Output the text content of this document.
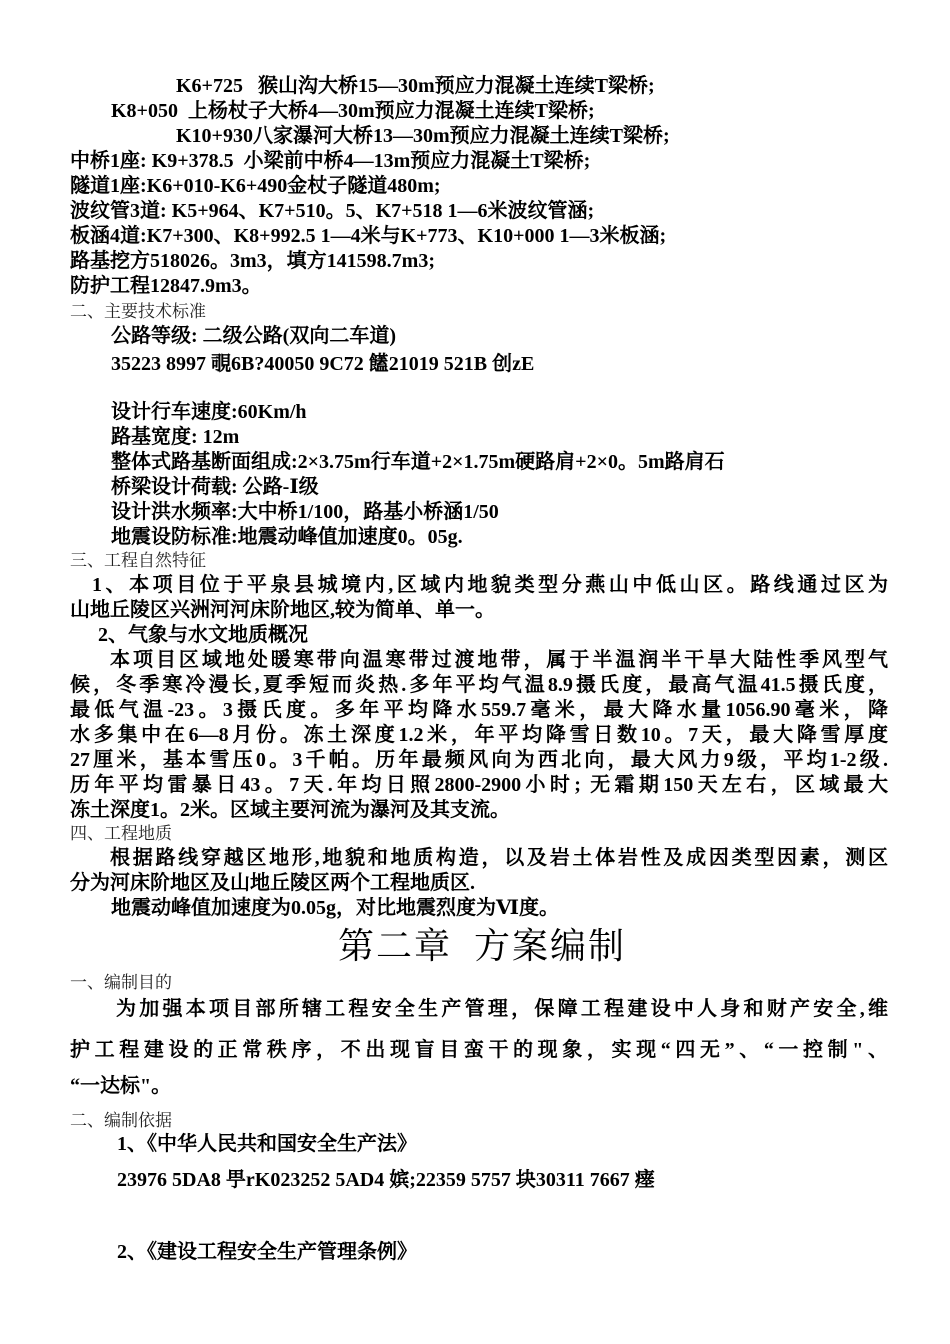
K6+725   猴山沟大桥15—30m预应力混凝土连续T梁桥;
K8+050  上杨杖子大桥4—30m预应力混凝土连续T梁桥;
K10+930八家瀑河大桥13—30m预应力混凝土连续T梁桥;
中桥1座: K9+378.5  小梁前中桥4—13m预应力混凝土T梁桥;
隧道1座:K6+010-K6+490金杖子隧道480m;
波纹管3道: K5+964、K7+510。5、K7+518 1—6米波纹管涵;
板涵4道:K7+300、K8+992.5 1—4米与K+773、K10+000 1—3米板涵;
路基挖方518026。3m3，填方141598.7m3;
防护工程12847.9m3。
二、主要技术标准
公路等级: 二级公路(双向二车道)
35223 8997 覗6B?40050 9C72 饚21019 521B 创zE
设计行车速度:60Km/h
路基宽度: 12m
整体式路基断面组成:2×3.75m行车道+2×1.75m硬路肩+2×0。5m路肩石
桥梁设计荷载: 公路-Ⅰ级
设计洪水频率:大中桥1/100，路基小桥涵1/50
地震设防标准:地震动峰值加速度0。05g.
三、工程自然特征
1、本项目位于平泉县城境内,区域内地貌类型分燕山中低山区。路线通过区为
山地丘陵区兴洲河河床阶地区,较为简单、单一。
2、气象与水文地质概况
本项目区域地处暖寒带向温寒带过渡地带，属于半温润半干旱大陆性季风型气
候，冬季寒冷漫长,夏季短而炎热.多年平均气温8.9摄氏度，最高气温41.5摄氏度，
最低气温-23。3摄氏度。多年平均降水559.7毫米，最大降水量1056.90毫米，降
水多集中在6—8月份。冻土深度1.2米，年平均降雪日数10。7天，最大降雪厚度
27厘米，基本雪压0。3千帕。历年最频风向为西北向，最大风力9级，平均1-2级.
历年平均雷暴日43。7天.年均日照2800-2900小时; 无霜期150天左右，区域最大
冻土深度1。2米。区域主要河流为瀑河及其支流。
四、工程地质
根据路线穿越区地形,地貌和地质构造，以及岩土体岩性及成因类型因素，测区
分为河床阶地区及山地丘陵区两个工程地质区.
地震动峰值加速度为0.05g，对比地震烈度为Ⅵ度。
第二章  方案编制
一、编制目的
为加强本项目部所辖工程安全生产管理，保障工程建设中人身和财产安全,维
护工程建设的正常秩序，不出现盲目蛮干的现象，实现“四无”、“一控制"、
“一达标"。
二、编制依据
1、《中华人民共和国安全生产法》
23976 5DA8 甼rK023252 5AD4 嫔;22359 5757 块30311 7667 瘗
2、《建设工程安全生产管理条例》
